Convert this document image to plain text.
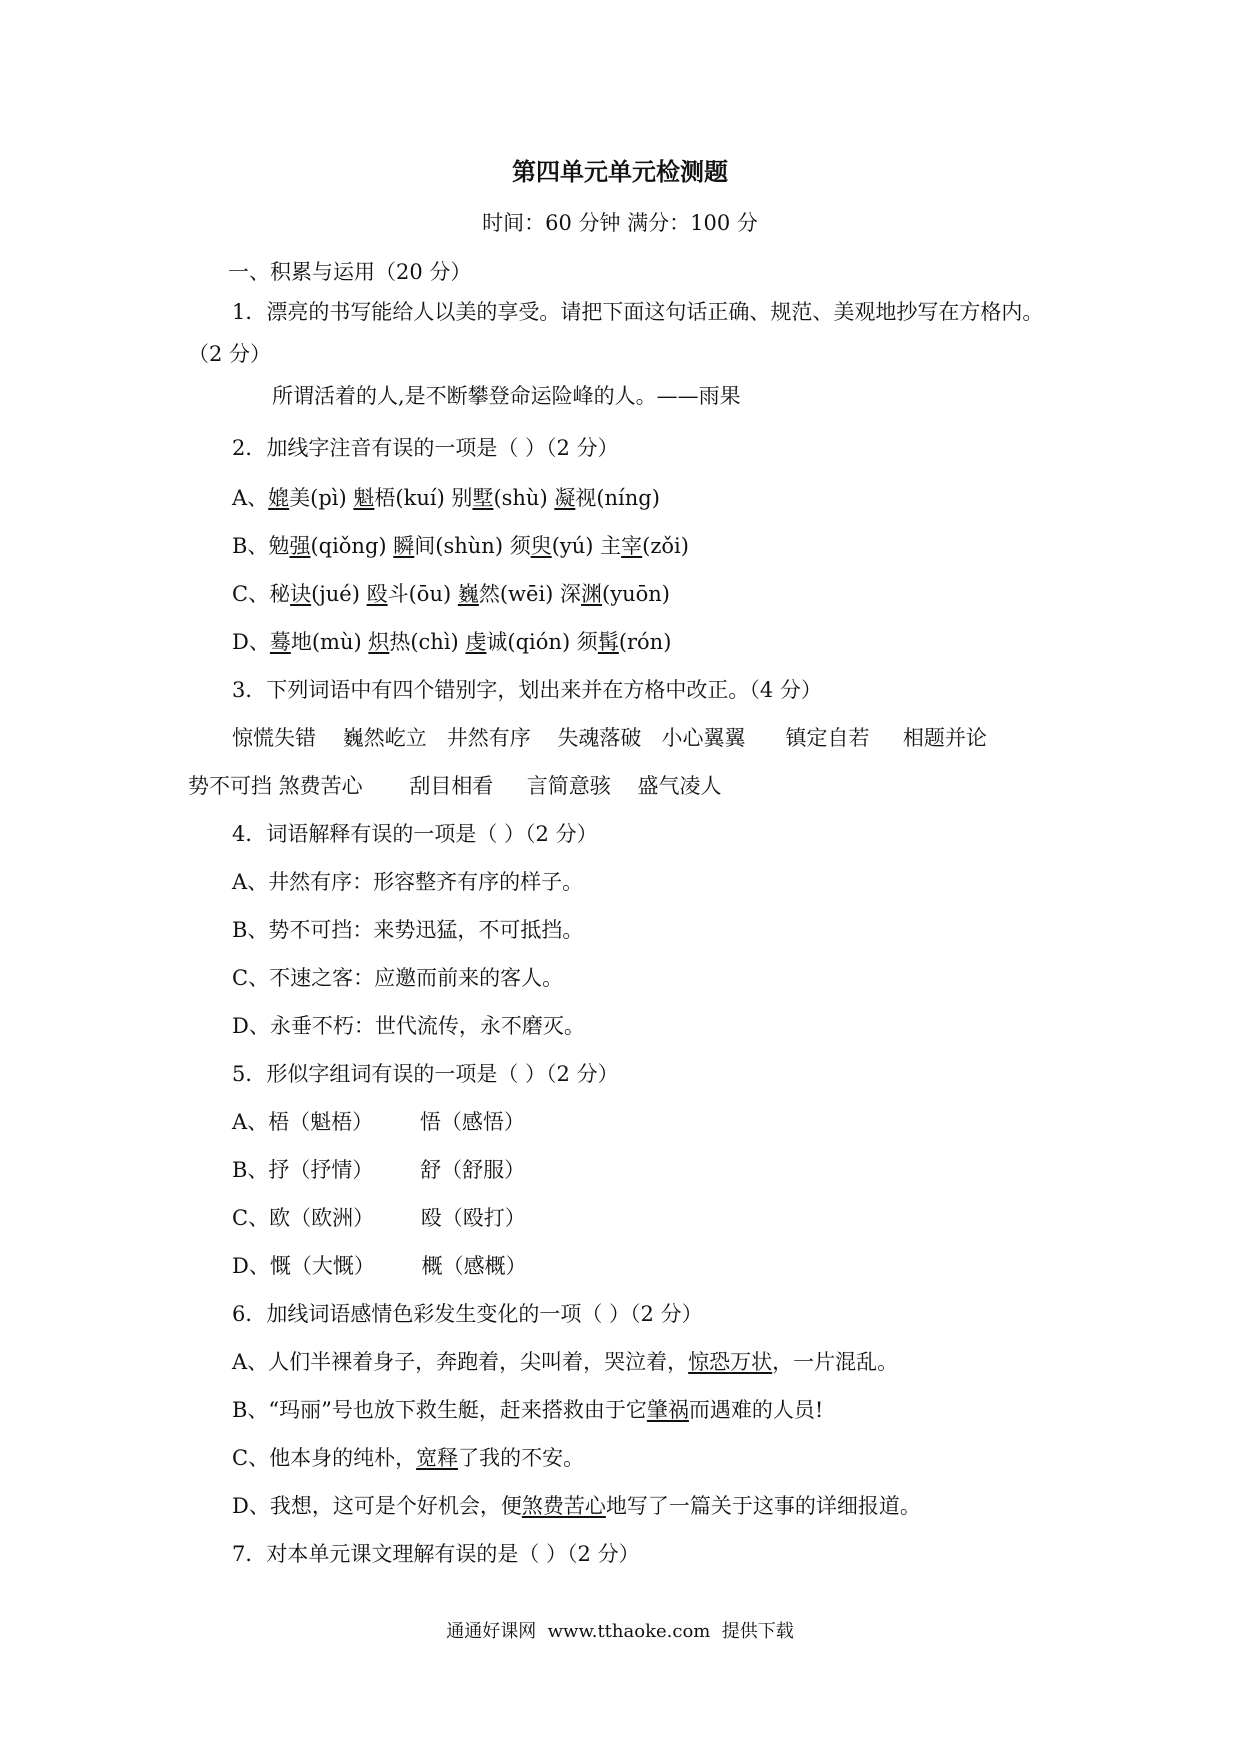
第四单元单元检测题
时间：60 分钟 满分：100 分
一、积累与运用（20 分）
1．漂亮的书写能给人以美的享受。请把下面这句话正确、规范、美观地抄写在方格内。
（2 分）
所谓活着的人,是不断攀登命运险峰的人。——雨果
2．加线字注音有误的一项是（ ）（2 分）
A、媲美(pì) 魁梧(kuí) 别墅(shù) 凝视(níng)
B、勉强(qiǒng) 瞬间(shùn) 须臾(yú) 主宰(zǒi)
C、秘诀(jué) 殴斗(ōu) 巍然(wēi) 深渊(yuōn)
D、蓦地(mù) 炽热(chì) 虔诚(qión) 须髯(rón)
3．下列词语中有四个错别字，划出来并在方格中改正。（4 分）
惊慌失错    巍然屹立   井然有序    失魂落破   小心翼翼      镇定自若     相题并论
势不可挡 煞费苦心       刮目相看     言简意骇    盛气凌人
4．词语解释有误的一项是（ ）（2 分）
A、井然有序：形容整齐有序的样子。
B、势不可挡：来势迅猛，不可抵挡。
C、不速之客：应邀而前来的客人。
D、永垂不朽：世代流传，永不磨灭。
5．形似字组词有误的一项是（ ）（2 分）
A、梧（魁梧）       悟（感悟）
B、抒（抒情）       舒（舒服）
C、欧（欧洲）       殴（殴打）
D、慨（大慨）       概（感概）
6．加线词语感情色彩发生变化的一项（ ）（2 分）
A、人们半裸着身子，奔跑着，尖叫着，哭泣着，惊恐万状，一片混乱。
B、“玛丽”号也放下救生艇，赶来搭救由于它肇祸而遇难的人员!
C、他本身的纯朴，宽释了我的不安。
D、我想，这可是个好机会，便煞费苦心地写了一篇关于这事的详细报道。
7．对本单元课文理解有误的是（ ）（2 分）
通通好课网  www.tthaoke.com  提供下载
